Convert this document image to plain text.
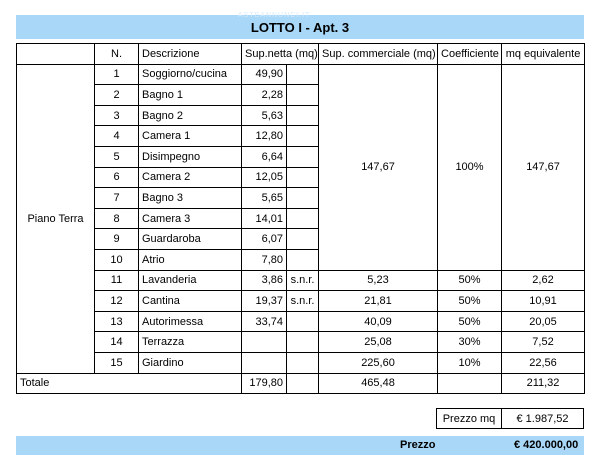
LOTTO I - Apt. 3
ASTEANNUNCI.IT
	N.	Descrizione	Sup.netta (mq)		Sup. commerciale (mq)	Coefficiente	mq equivalente
Piano Terra	1	Soggiorno/cucina	49,90		147,67	100%	147,67
	2	Bagno 1	2,28				
	3	Bagno 2	5,63				
	4	Camera 1	12,80				
	5	Disimpegno	6,64				
	6	Camera 2	12,05				
	7	Bagno 3	5,65				
	8	Camera 3	14,01				
	9	Guardaroba	6,07				
	10	Atrio	7,80				
	11	Lavanderia	3,86	s.n.r.	5,23	50%	2,62
	12	Cantina	19,37	s.n.r.	21,81	50%	10,91
	13	Autorimessa	33,74		40,09	50%	20,05
	14	Terrazza			25,08	30%	7,52
	15	Giardino			225,60	10%	22,56
Totale			179,80		465,48		211,32
Prezzo mq	€ 1.987,52
Prezzo	€ 420.000,00
